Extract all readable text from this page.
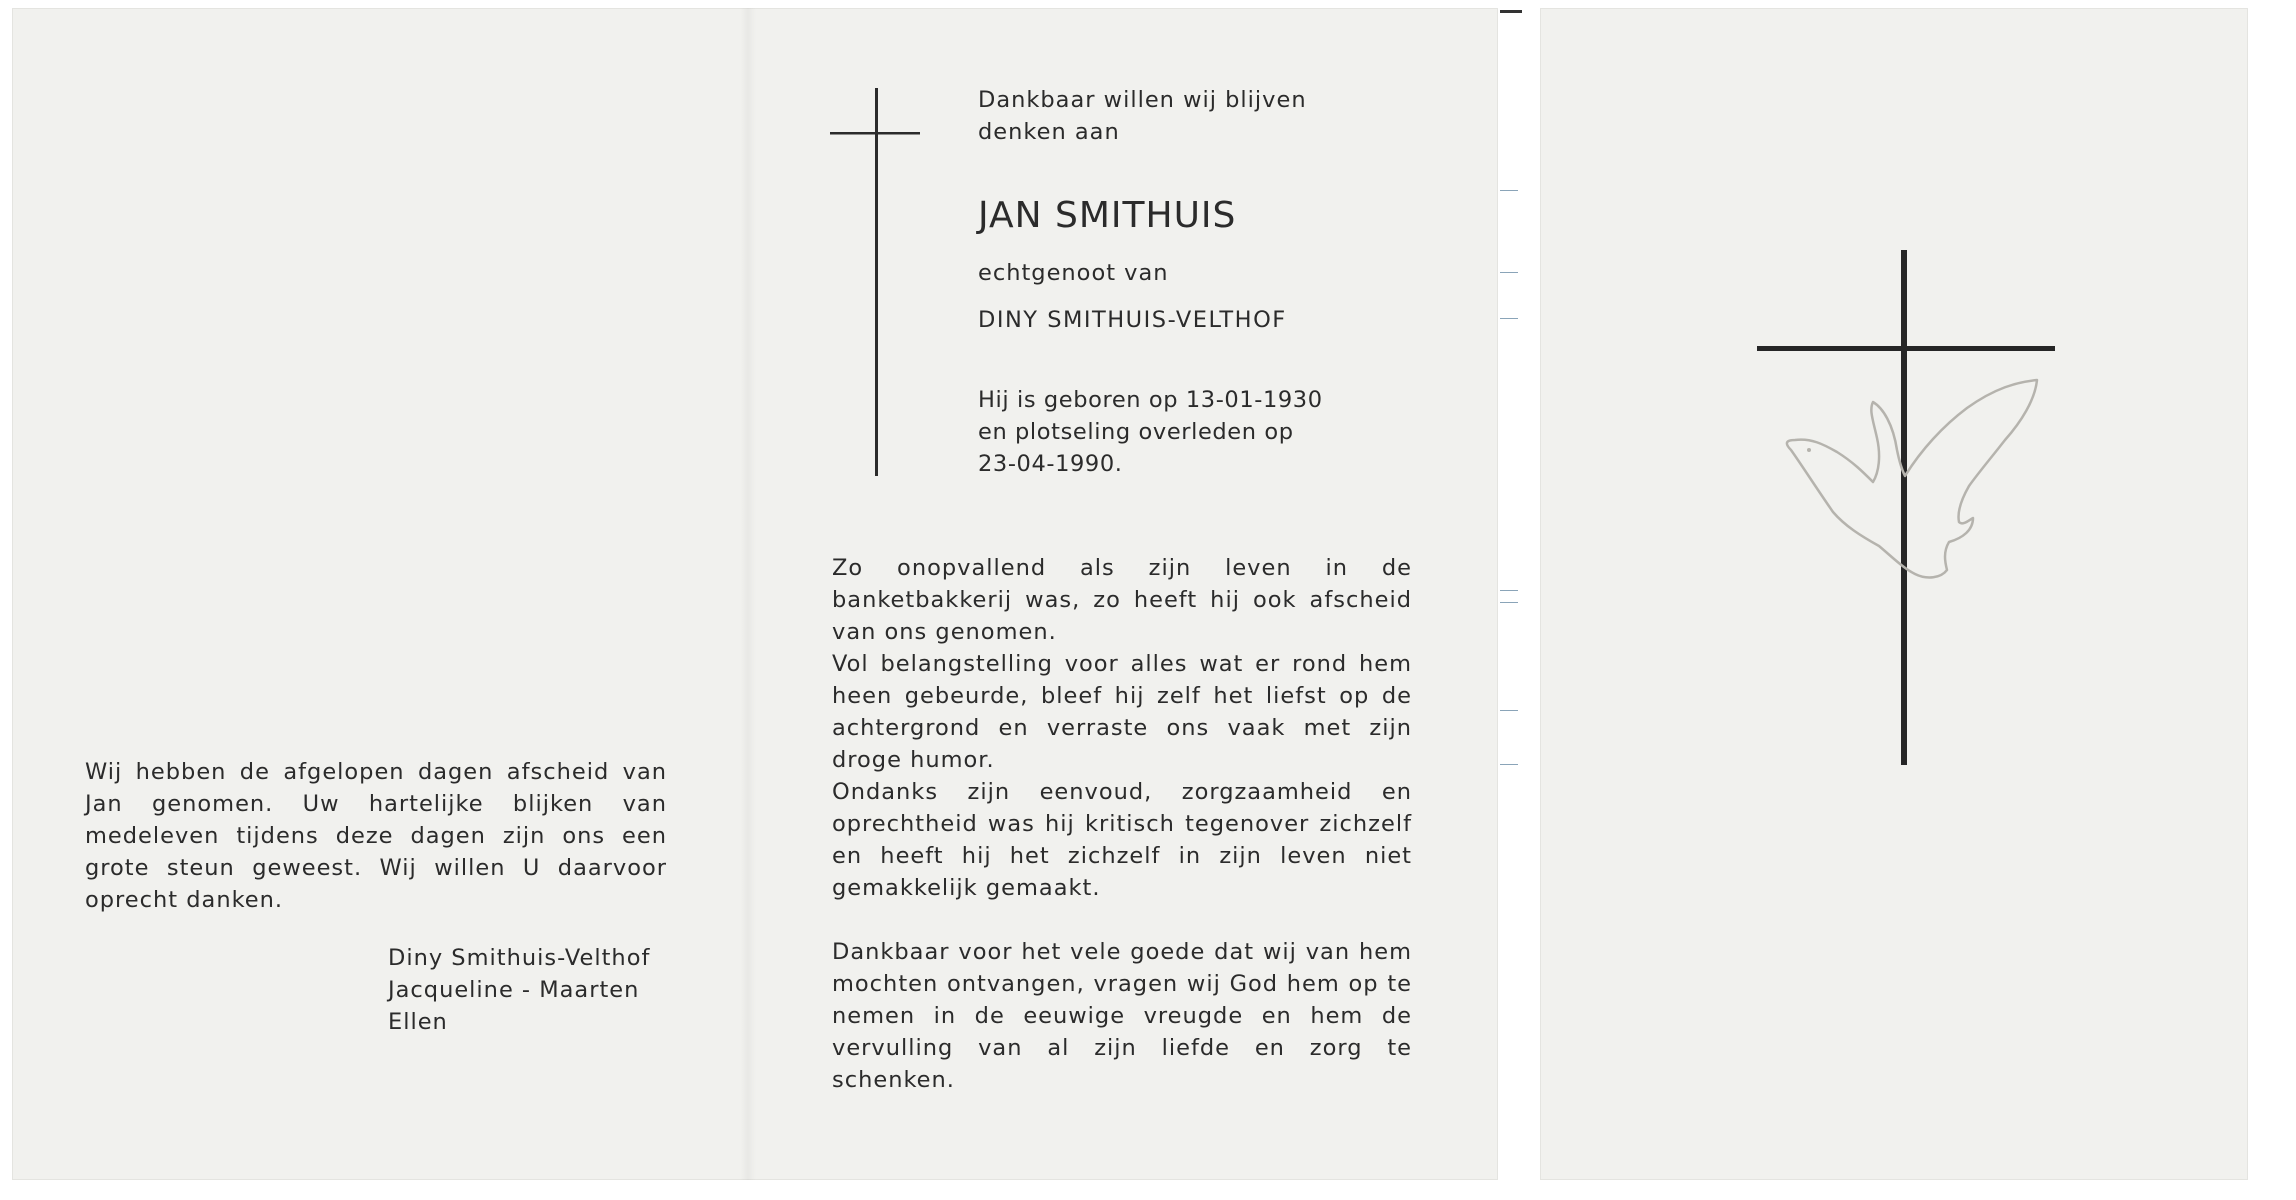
Wij hebben de afgelopen dagen afscheid van Jan genomen. Uw hartelijke blijken van medeleven tijdens deze dagen zijn ons een grote steun geweest. Wij willen U daarvoor oprecht danken.

Diny Smithuis-Velthof
Jacqueline - Maarten
Ellen
Dankbaar willen wij blijven
denken aan
JAN SMITHUIS
echtgenoot van
DINY SMITHUIS-VELTHOF
Hij is geboren op 13-01-1930
en plotseling overleden op
23-04-1990.

Zo onopvallend als zijn leven in de banketbakkerij was, zo heeft hij ook afscheid van ons genomen.

Vol belangstelling voor alles wat er rond hem heen gebeurde, bleef hij zelf het liefst op de achtergrond en verraste ons vaak met zijn droge humor.

Ondanks zijn eenvoud, zorgzaamheid en oprechtheid was hij kritisch tegenover zichzelf en heeft hij het zichzelf in zijn leven niet gemakkelijk gemaakt.

Dankbaar voor het vele goede dat wij van hem mochten ontvangen, vragen wij God hem op te nemen in de eeuwige vreugde en hem de vervulling van al zijn liefde en zorg te schenken.
